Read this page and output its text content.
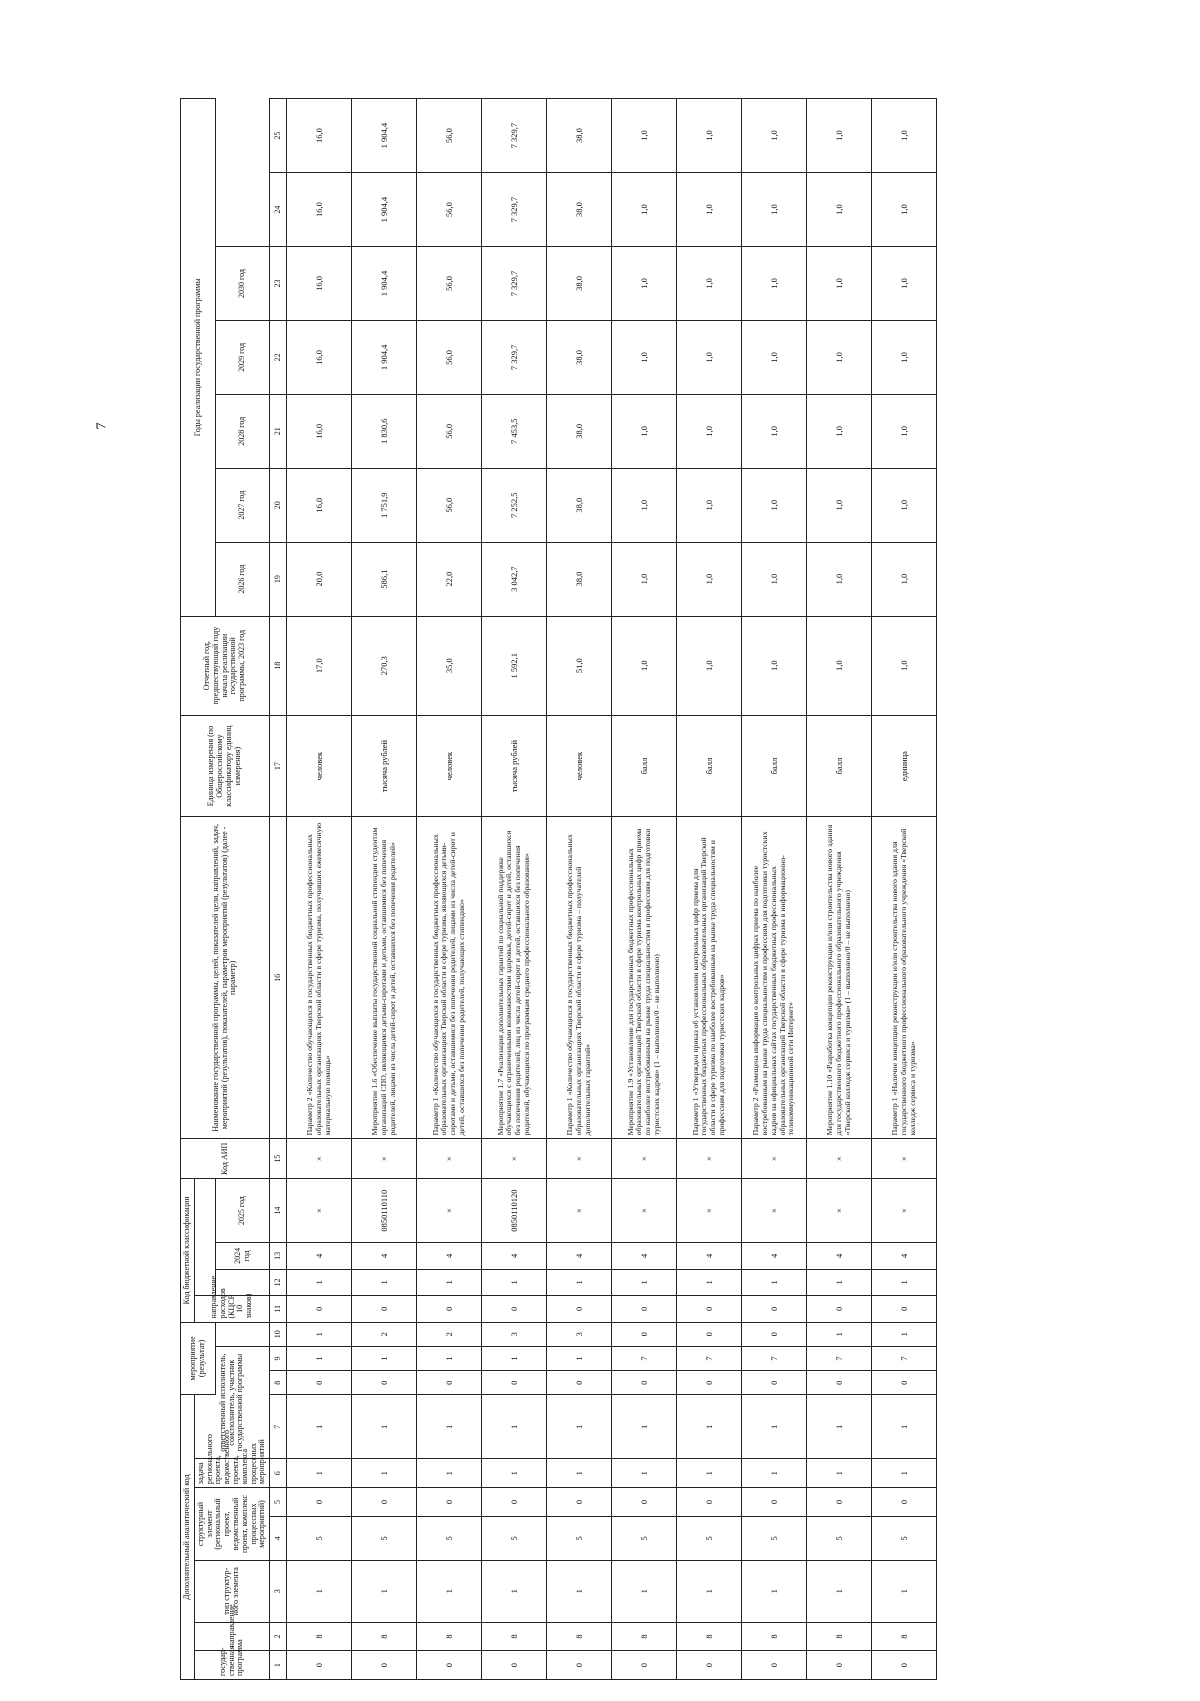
7
Дополнительный аналитический код							мероприятие (результат)			Код бюджетной классификации				Код АИП	Наименование государственной программы, целей, показателей цели, направлений, задач, мероприятий (результатов), показателей, параметров мероприятий (результатов) (далее - параметр)	Единица измерения (по Общероссийскому классификатору единиц измерения)	Отчетный год, предшествующий году начала реализации государственной программы, 2023 год	Годы реализации государственной программы						
государ-ственная программа	направление	тип структур-ного элемента	структурный элемент (региональный проект, ведомственный проект, комплекс процессных мероприятий)		задача регионального проекта, ведомственного проекта, комплекса процессных мероприятий	ответственный исполнитель, соисполнитель, участник государственной программы				направление расходов (КЦСР 10 знаков)														
												2024 год	2025 год					2026 год	2027 год	2028 год	2029 год	2030 год		
1	2	3	4	5	6	7	8	9	10	11	12	13	14	15	16	17	18	19	20	21	22	23	24	25
0	8	1	5	0	1	1	0	1	1	0	1	4	×	×	Параметр 2 «Количество обучающихся в государственных бюджетных профессиональных образовательных организациях Тверской области в сфере туризма, получивших ежемесячную материальную помощь»	человек	17,0	20,0	16,0	16,0	16,0	16,0	16,0	16,0
0	8	1	5	0	1	1	0	1	2	0	1	4	0850110110	×	Мероприятие 1.6 «Обеспечение выплаты государственной социальной стипендии студентам организаций СПО, являющимся детьми-сиротами и детьми, оставшимися без попечения родителей, лицами из числа детей-сирот и детей, оставшихся без попечения родителей»	тысяча рублей	270,3	586,1	1 751,9	1 830,6	1 904,4	1 904,4	1 904,4	1 904,4
0	8	1	5	0	1	1	0	1	2	0	1	4	×	×	Параметр 1 «Количество обучающихся в государственных бюджетных профессиональных образовательных организациях Тверской области в сфере туризма, являющихся детьми-сиротами и детьми, оставшимися без попечения родителей, лицами из числа детей-сирот и детей, оставшихся без попечения родителей, получающих стипендию»	человек	35,0	22,0	56,0	56,0	56,0	56,0	56,0	56,0
0	8	1	5	0	1	1	0	1	3	0	1	4	0850110120	×	Мероприятие 1.7 «Реализация дополнительных гарантий по социальной поддержке обучающихся с ограниченными возможностями здоровья, детей-сирот и детей, оставшихся без попечения родителей, лиц из числа детей-сирот и детей, оставшихся без попечения родителей, обучающихся по программам среднего профессионального образования»	тысяча рублей	1 592,1	3 042,7	7 252,5	7 453,5	7 329,7	7 329,7	7 329,7	7 329,7
0	8	1	5	0	1	1	0	1	3	0	1	4	×	×	Параметр 1 «Количество обучающихся в государственных бюджетных профессиональных образовательных организациях Тверской области в сфере туризма – получателей дополнительных гарантий»	человек	51,0	38,0	38,0	38,0	38,0	38,0	38,0	38,0
0	8	1	5	0	1	1	0	7	0	0	1	4	×	×	Мероприятие 1.9 «Установление для государственных бюджетных профессиональных образовательных организаций Тверской области в сфере туризма контрольных цифр приема по наиболее востребованным на рынке труда специальностям и профессиям для подготовки туристских кадров» (1 – выполнено/0 – не выполнено)	балл	1,0	1,0	1,0	1,0	1,0	1,0	1,0	1,0
0	8	1	5	0	1	1	0	7	0	0	1	4	×	×	Параметр 1 «Утвержден приказ об установлении контрольных цифр приема для государственных бюджетных профессиональных образовательных организаций Тверской области в сфере туризма по наиболее востребованным на рынке труда специальностям и профессиям для подготовки туристских кадров»	балл	1,0	1,0	1,0	1,0	1,0	1,0	1,0	1,0
0	8	1	5	0	1	1	0	7	0	0	1	4	×	×	Параметр 2 «Размещена информация о контрольных цифрах приема по наиболее востребованным на рынке труда специальностям и профессиям для подготовки туристских кадров на официальных сайтах государственных бюджетных профессиональных образовательных организаций Тверской области в сфере туризма в информационно-телекоммуникационной сети Интернет»	балл	1,0	1,0	1,0	1,0	1,0	1,0	1,0	1,0
0	8	1	5	0	1	1	0	7	1	0	1	4	×	×	Мероприятие 1.10 «Разработка концепции реконструкции и/или строительства нового здания для государственного бюджетного профессионального образовательного учреждения «Тверской колледж сервиса и туризма» (1 – выполнено/0 – не выполнено)	балл	1,0	1,0	1,0	1,0	1,0	1,0	1,0	1,0
0	8	1	5	0	1	1	0	7	1	0	1	4	×	×	Параметр 1 «Наличие концепции реконструкции и/или строительства нового здания для государственного бюджетного профессионального образовательного учреждения «Тверской колледж сервиса и туризма»	единица	1,0	1,0	1,0	1,0	1,0	1,0	1,0	1,0
